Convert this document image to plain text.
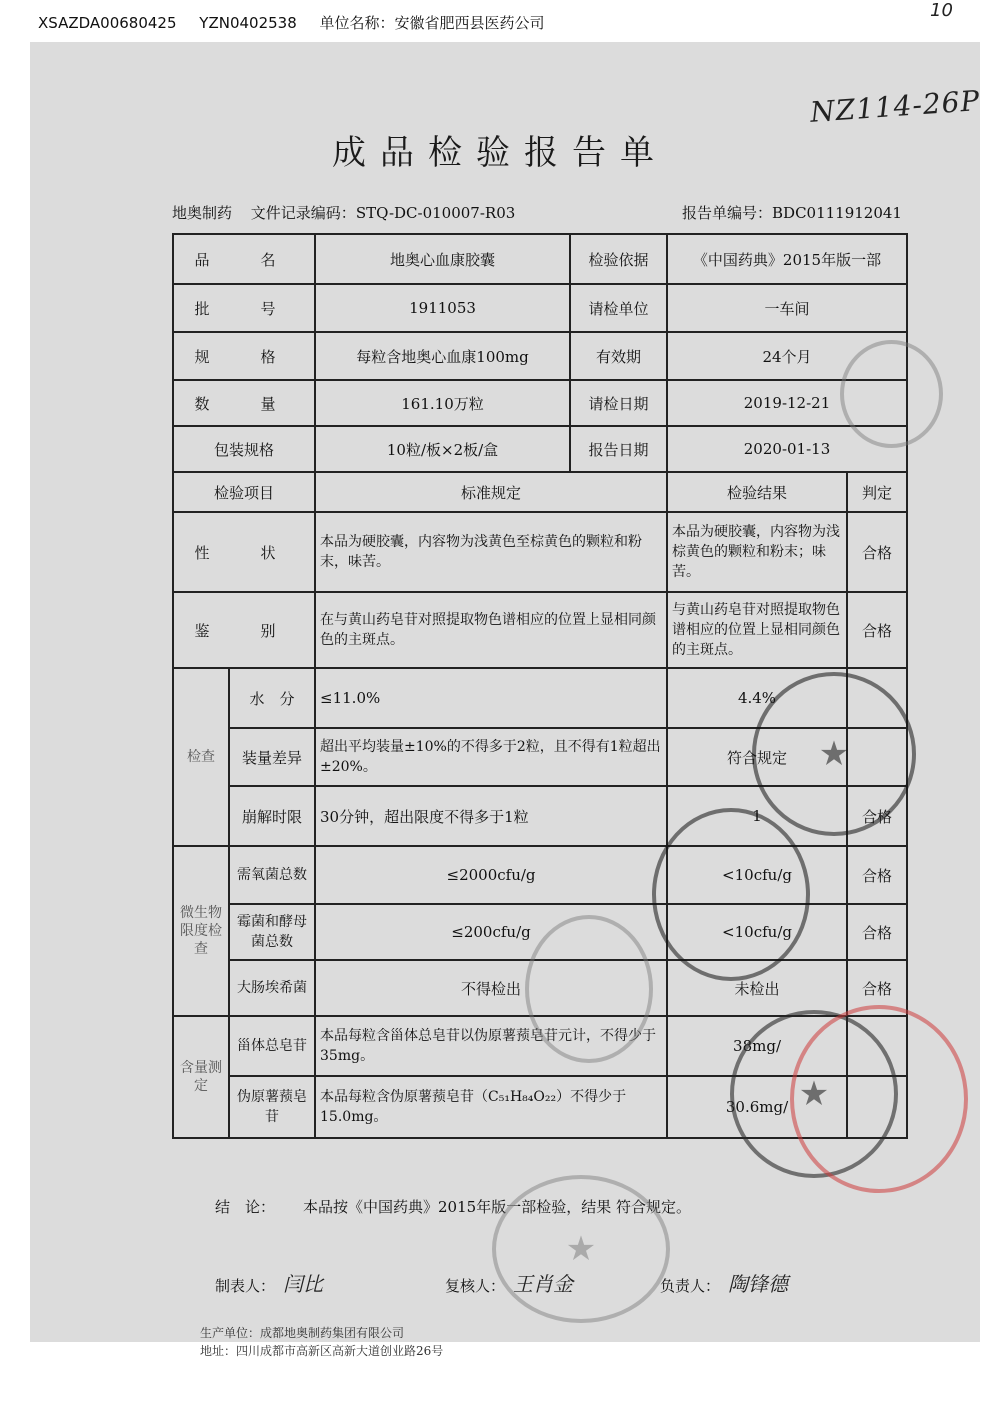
XSAZDA00680425 YZN0402538 单位名称：安徽省肥西县医药公司
10
NZ114-26P
成品检验报告单
地奥制药 文件记录编码：STQ-DC-010007-R03	报告单编号：BDC0111912041
品　名		地奥心血康胶囊	检验依据	《中国药典》2015年版一部	
批　号		1911053	请检单位	一车间	
规　格		每粒含地奥心血康100mg	有效期	24个月	
数　量		161.10万粒	请检日期	2019-12-21	
包装规格		10粒/板×2板/盒	报告日期	2020-01-13	
检验项目		标准规定		检验结果	判定
性　状		本品为硬胶囊，内容物为浅黄色至棕黄色的颗粒和粉末，味苦。		本品为硬胶囊，内容物为浅棕黄色的颗粒和粉末；味苦。	合格
鉴　别		在与黄山药皂苷对照提取物色谱相应的位置上显相同颜色的主斑点。		与黄山药皂苷对照提取物色谱相应的位置上显相同颜色的主斑点。	合格
检查	水　分	≤11.0%		4.4%	
	装量差异	超出平均装量±10%的不得多于2粒，且不得有1粒超出±20%。		符合规定	
	崩解时限	30分钟，超出限度不得多于1粒		1	合格
微生物限度检查	需氧菌总数	≤2000cfu/g		<10cfu/g	合格
	霉菌和酵母菌总数	≤200cfu/g		<10cfu/g	合格
	大肠埃希菌	不得检出		未检出	合格
含量测定	甾体总皂苷	本品每粒含甾体总皂苷以伪原薯蓣皂苷元计，不得少于35mg。		38mg/	
	伪原薯蓣皂苷	本品每粒含伪原薯蓣皂苷（C₅₁H₈₄O₂₂）不得少于15.0mg。		30.6mg/	
结　论： 本品按《中国药典》2015年版一部检验，结果 符合规定。
制表人： 闫比	复核人： 王肖金	负责人： 陶锋德
生产单位：成都地奥制药集团有限公司
地址：四川成都市高新区高新大道创业路26号
★
★
★
